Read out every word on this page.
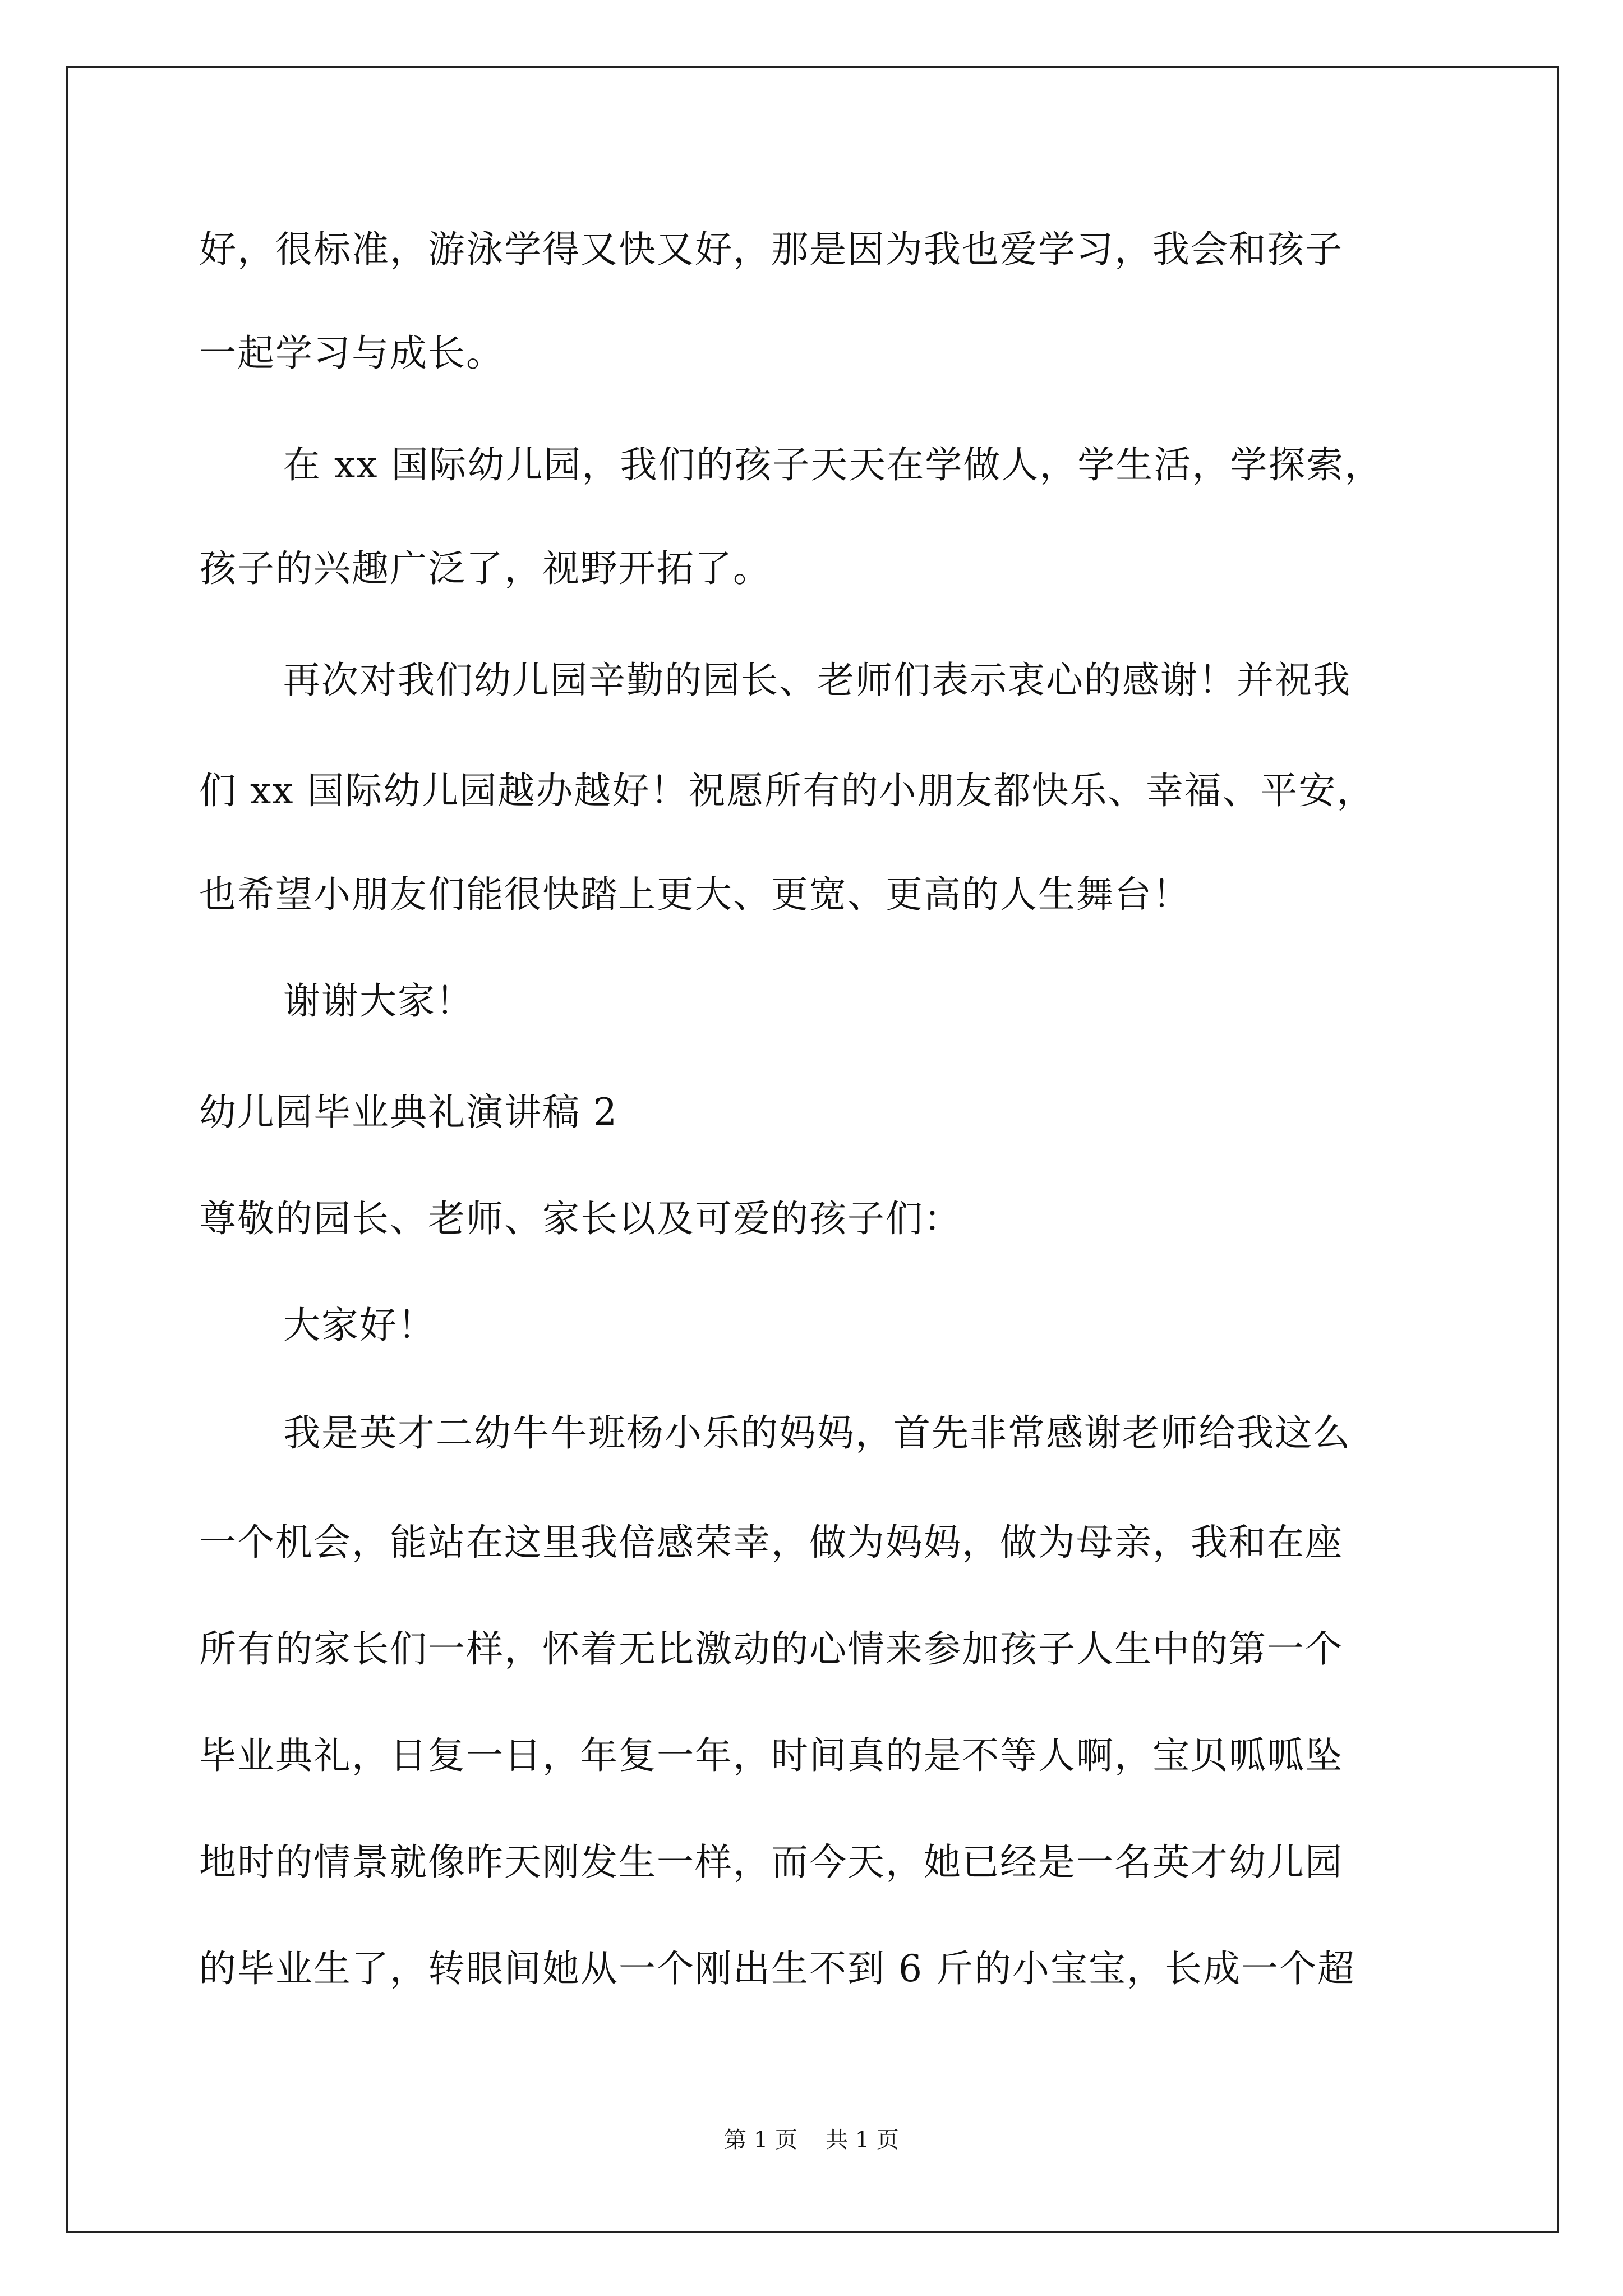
好，很标准，游泳学得又快又好，那是因为我也爱学习，我会和孩子
一起学习与成长。
在 xx 国际幼儿园，我们的孩子天天在学做人，学生活，学探索，
孩子的兴趣广泛了，视野开拓了。
再次对我们幼儿园辛勤的园长、老师们表示衷心的感谢！并祝我
们 xx 国际幼儿园越办越好！祝愿所有的小朋友都快乐、幸福、平安，
也希望小朋友们能很快踏上更大、更宽、更高的人生舞台！
谢谢大家！
幼儿园毕业典礼演讲稿 2
尊敬的园长、老师、家长以及可爱的孩子们：
大家好！
我是英才二幼牛牛班杨小乐的妈妈，首先非常感谢老师给我这么
一个机会，能站在这里我倍感荣幸，做为妈妈，做为母亲，我和在座
所有的家长们一样，怀着无比激动的心情来参加孩子人生中的第一个
毕业典礼，日复一日，年复一年，时间真的是不等人啊，宝贝呱呱坠
地时的情景就像昨天刚发生一样，而今天，她已经是一名英才幼儿园
的毕业生了，转眼间她从一个刚出生不到 6 斤的小宝宝，长成一个超
第 1 页 共 1 页
